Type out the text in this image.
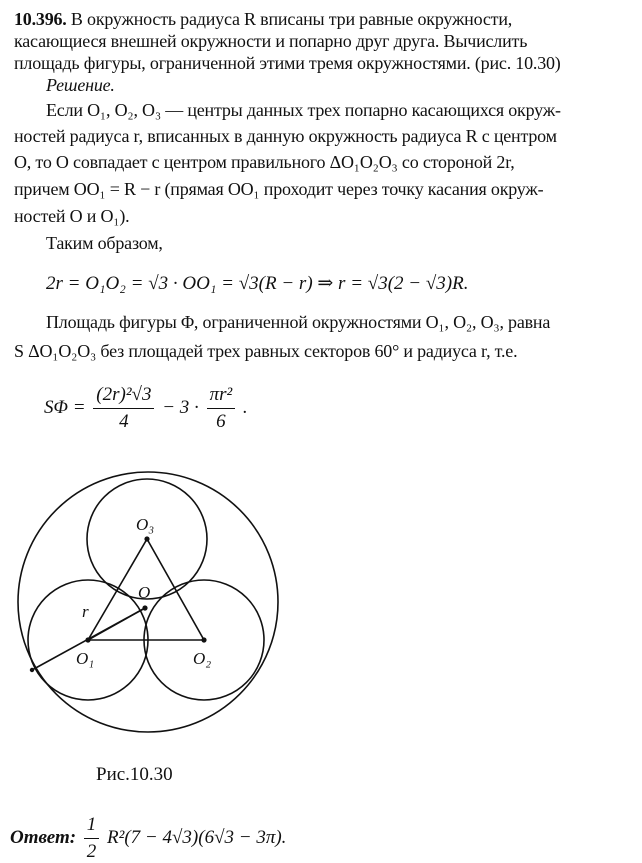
10.396. В окружность радиуса R вписаны три равные окружности,
касающиеся внешней окружности и попарно друг друга. Вычислить
площадь фигуры, ограниченной этими тремя окружностями. (рис. 10.30)
Решение.
Если O₁, O₂, O₃ — центры данных трех попарно касающихся окруж-
ностей радиуса r, вписанных в данную окружность радиуса R с центром
O, то O совпадает с центром правильного ΔO₁O₂O₃ со стороной 2r,
причем OO₁ = R − r (прямая OO₁ проходит через точку касания окруж-
ностей O и O₁).
Таким образом,
2r = O₁O₂ = √3 · OO₁ = √3(R − r) ⇒ r = √3(2 − √3)R.
Площадь фигуры Φ, ограниченной окружностями O₁, O₂, O₃, равна
S ΔO₁O₂O₃ без площадей трех равных секторов 60° и радиуса r, т.е.
$S\Phi = \frac{\text{(2r)²√3}}{4} - 3 \cdot \frac{\text{πr²}}{6}$ .
O₃
O
r
O₁	O₂
Рис.10.30
Ответ: $\frac{1}{2} R^2(7 - 4√3)(6√3 - 3\pi)$.
